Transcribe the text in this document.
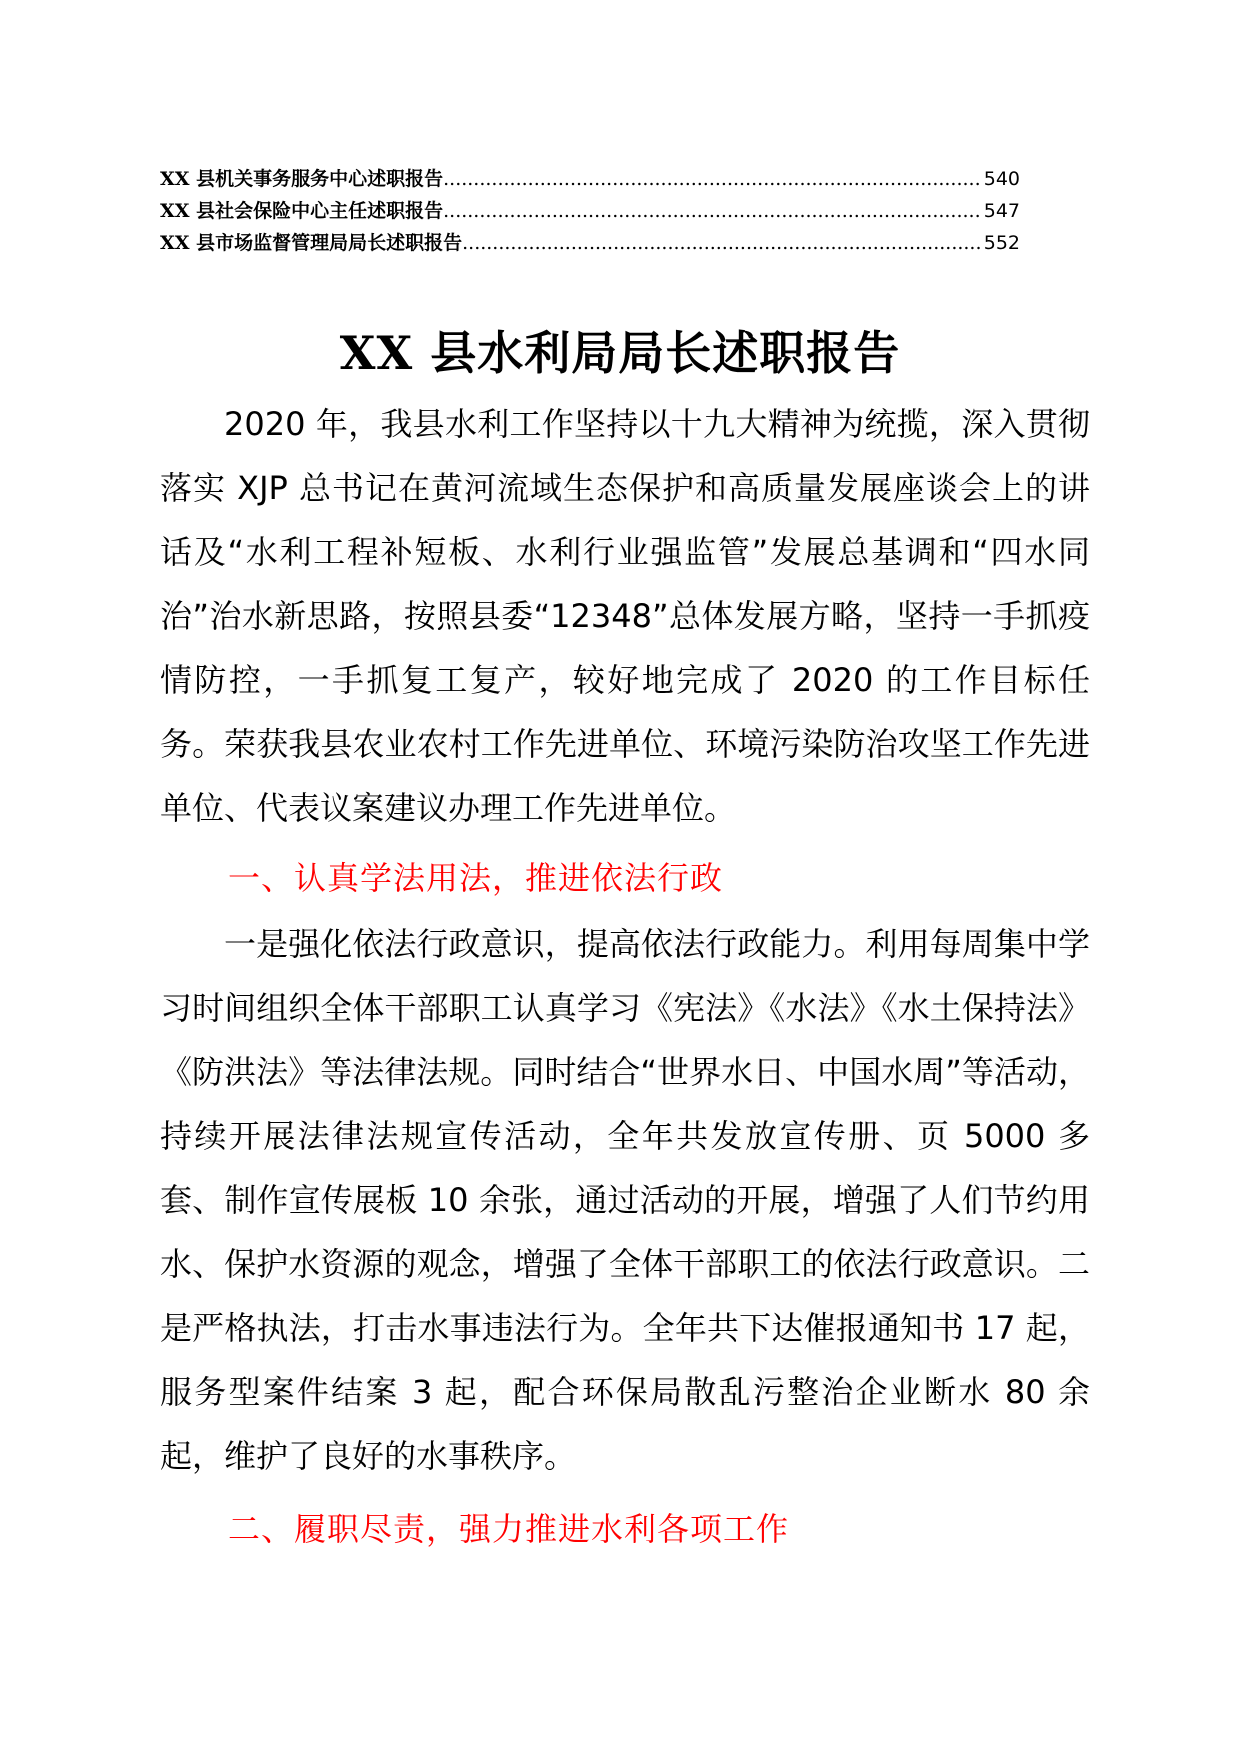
XX 县机关事务服务中心述职报告 .....	540
XX 县社会保险中心主任述职报告 .....	547
XX 县市场监督管理局局长述职报告 .....	552
XX 县水利局局长述职报告

2020 年，我县水利工作坚持以十九大精神为统揽，深入贯彻落实 XJP 总书记在黄河流域生态保护和高质量发展座谈会上的讲话及“水利工程补短板、水利行业强监管”发展总基调和“四水同治”治水新思路，按照县委“12348”总体发展方略，坚持一手抓疫情防控，一手抓复工复产，较好地完成了 2020 的工作目标任务。荣获我县农业农村工作先进单位、环境污染防治攻坚工作先进单位、代表议案建议办理工作先进单位。

一、认真学法用法，推进依法行政

一是强化依法行政意识，提高依法行政能力。利用每周集中学习时间组织全体干部职工认真学习《宪法》《水法》《水土保持法》《防洪法》等法律法规。同时结合“世界水日、中国水周”等活动，持续开展法律法规宣传活动，全年共发放宣传册、页 5000 多套、制作宣传展板 10 余张，通过活动的开展，增强了人们节约用水、保护水资源的观念，增强了全体干部职工的依法行政意识。二是严格执法，打击水事违法行为。全年共下达催报通知书 17 起，服务型案件结案 3 起，配合环保局散乱污整治企业断水 80 余起，维护了良好的水事秩序。

二、履职尽责，强力推进水利各项工作
